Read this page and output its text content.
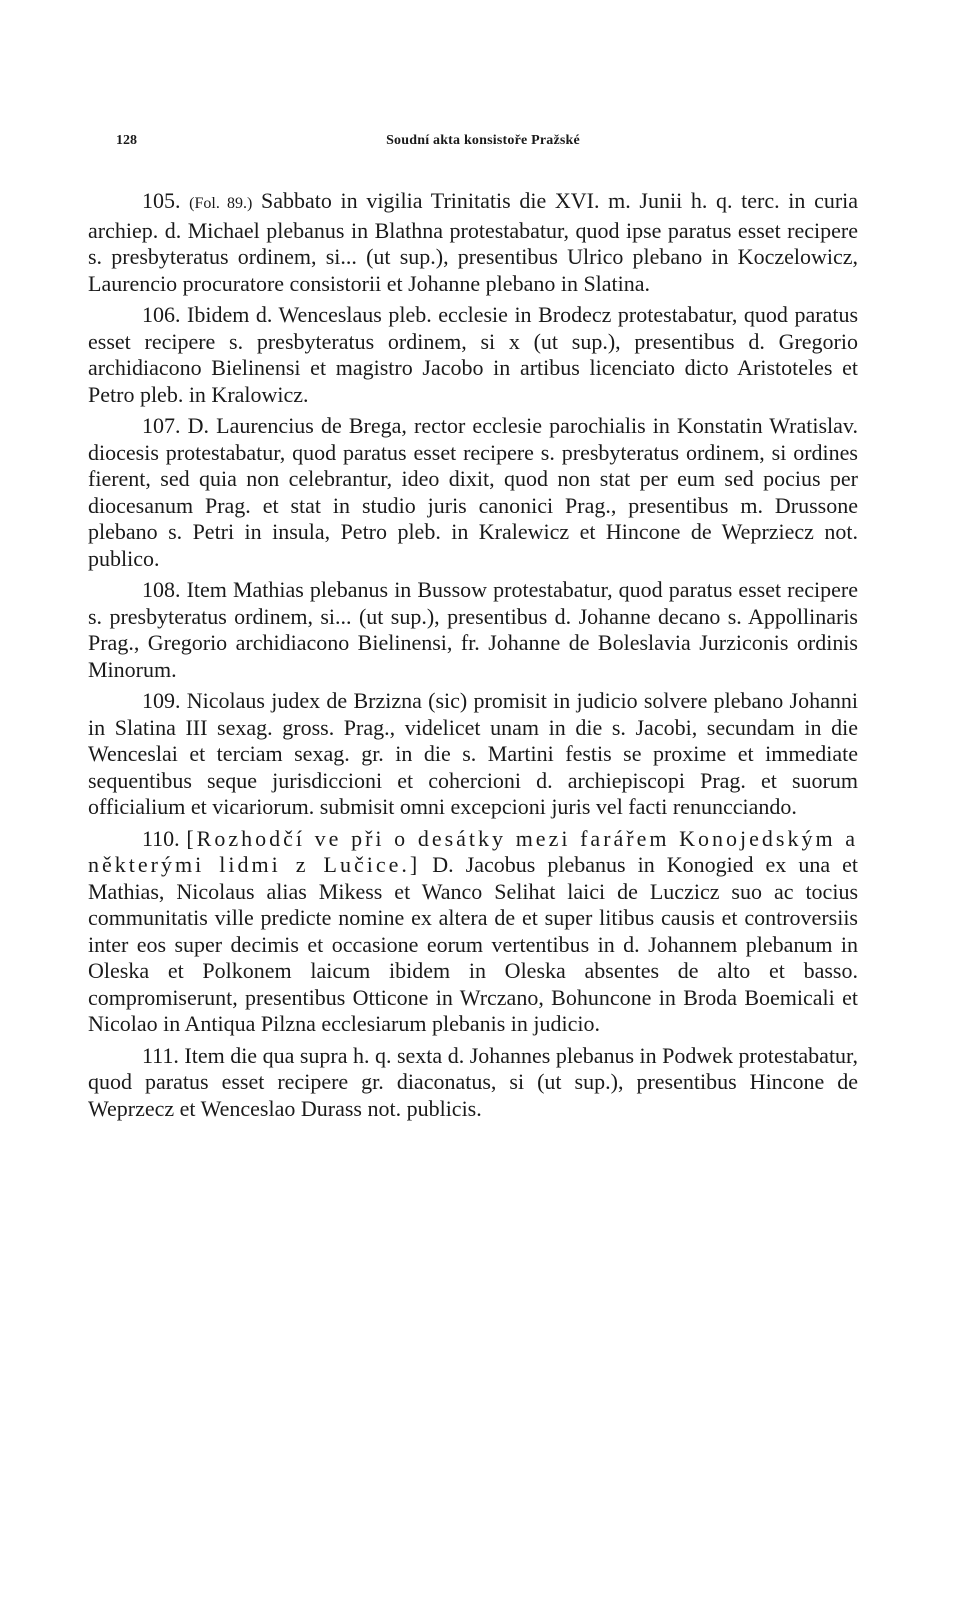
128	Soudní akta konsistoře Pražské

105. (Fol. 89.) Sabbato in vigilia Trinitatis die XVI. m. Junii h. q. terc. in curia archiep. d. Michael plebanus in Blathna protestabatur, quod ipse paratus esset recipere s. presbyteratus ordinem, si... (ut sup.), presentibus Ulrico plebano in Koczelowicz, Laurencio procuratore consistorii et Johanne plebano in Slatina.

106. Ibidem d. Wenceslaus pleb. ecclesie in Brodecz protestabatur, quod paratus esset recipere s. presbyteratus ordinem, si x (ut sup.), presentibus d. Gregorio archidiacono Bielinensi et magistro Jacobo in artibus licenciato dicto Aristoteles et Petro pleb. in Kralowicz.

107. D. Laurencius de Brega, rector ecclesie parochialis in Konstatin Wratislav. diocesis protestabatur, quod paratus esset recipere s. presbyteratus ordinem, si ordines fierent, sed quia non celebrantur, ideo dixit, quod non stat per eum sed pocius per diocesanum Prag. et stat in studio juris canonici Prag., presentibus m. Drussone plebano s. Petri in insula, Petro pleb. in Kralewicz et Hincone de Weprziecz not. publico.

108. Item Mathias plebanus in Bussow protestabatur, quod paratus esset recipere s. presbyteratus ordinem, si... (ut sup.), presentibus d. Johanne decano s. Appollinaris Prag., Gregorio archidiacono Bielinensi, fr. Johanne de Boleslavia Jurziconis ordinis Minorum.

109. Nicolaus judex de Brzizna (sic) promisit in judicio solvere plebano Johanni in Slatina III sexag. gross. Prag., videlicet unam in die s. Jacobi, secundam in die Wenceslai et terciam sexag. gr. in die s. Martini festis se proxime et immediate sequentibus seque jurisdiccioni et cohercioni d. archiepiscopi Prag. et suorum officialium et vicariorum. submisit omni excepcioni juris vel facti renuncciando.

110. [Rozhodčí ve při o desátky mezi farářem Konojedským a některými lidmi z Lučice.] D. Jacobus plebanus in Konogied ex una et Mathias, Nicolaus alias Mikess et Wanco Selihat laici de Luczicz suo ac tocius communitatis ville predicte nomine ex altera de et super litibus causis et controversiis inter eos super decimis et occasione eorum vertentibus in d. Johannem plebanum in Oleska et Polkonem laicum ibidem in Oleska absentes de alto et basso. compromiserunt, presentibus Otticone in Wrczano, Bohuncone in Broda Boemicali et Nicolao in Antiqua Pilzna ecclesiarum plebanis in judicio.

111. Item die qua supra h. q. sexta d. Johannes plebanus in Podwek protestabatur, quod paratus esset recipere gr. diaconatus, si (ut sup.), presentibus Hincone de Weprzecz et Wenceslao Durass not. publicis.
